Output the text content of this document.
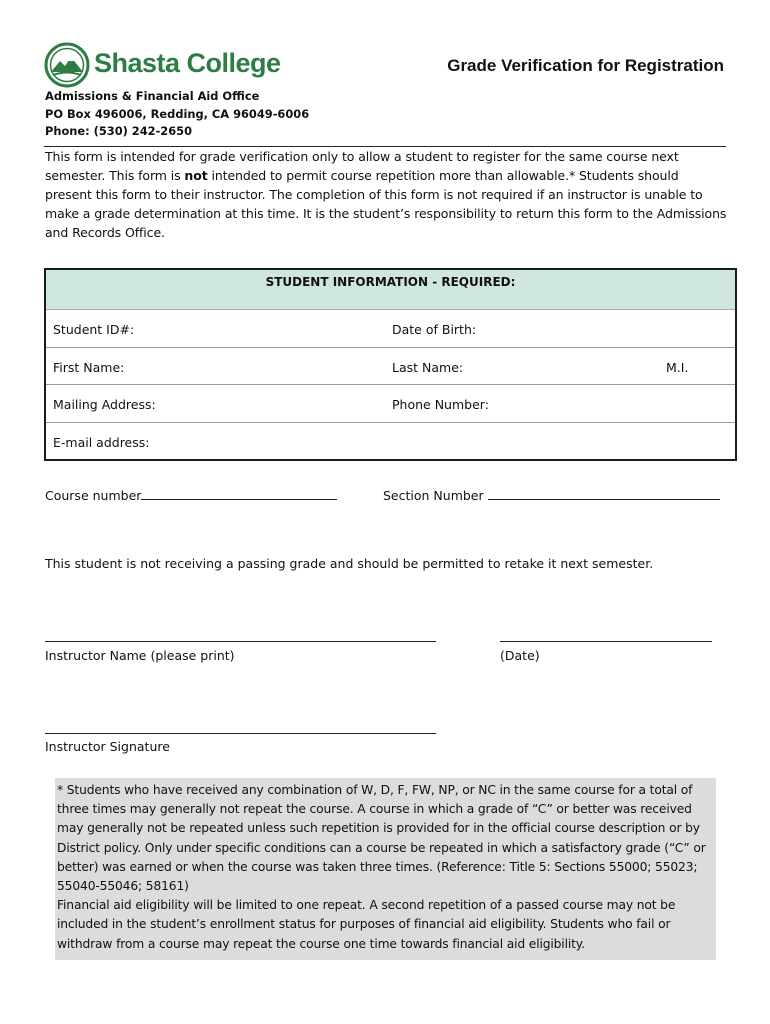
Shasta College	Grade Verification for Registration
Admissions & Financial Aid Office
PO Box 496006, Redding, CA 96049-6006
Phone: (530) 242-2650
This form is intended for grade verification only to allow a student to register for the same course next semester. This form is not intended to permit course repetition more than allowable.* Students should present this form to their instructor. The completion of this form is not required if an instructor is unable to make a grade determination at this time. It is the student’s responsibility to return this form to the Admissions and Records Office.
STUDENT INFORMATION - REQUIRED:
Student ID#:	Date of Birth:
First Name:	Last Name:	M.I.
Mailing Address:	Phone Number:
E-mail address:
Course number	Section Number
This student is not receiving a passing grade and should be permitted to retake it next semester.
Instructor Name (please print)	(Date)
Instructor Signature

* Students who have received any combination of W, D, F, FW, NP, or NC in the same course for a total of three times may generally not repeat the course. A course in which a grade of “C” or better was received may generally not be repeated unless such repetition is provided for in the official course description or by District policy. Only under specific conditions can a course be repeated in which a satisfactory grade (“C” or better) was earned or when the course was taken three times. (Reference: Title 5: Sections 55000; 55023; 55040-55046; 58161)

Financial aid eligibility will be limited to one repeat. A second repetition of a passed course may not be included in the student’s enrollment status for purposes of financial aid eligibility. Students who fail or withdraw from a course may repeat the course one time towards financial aid eligibility.
